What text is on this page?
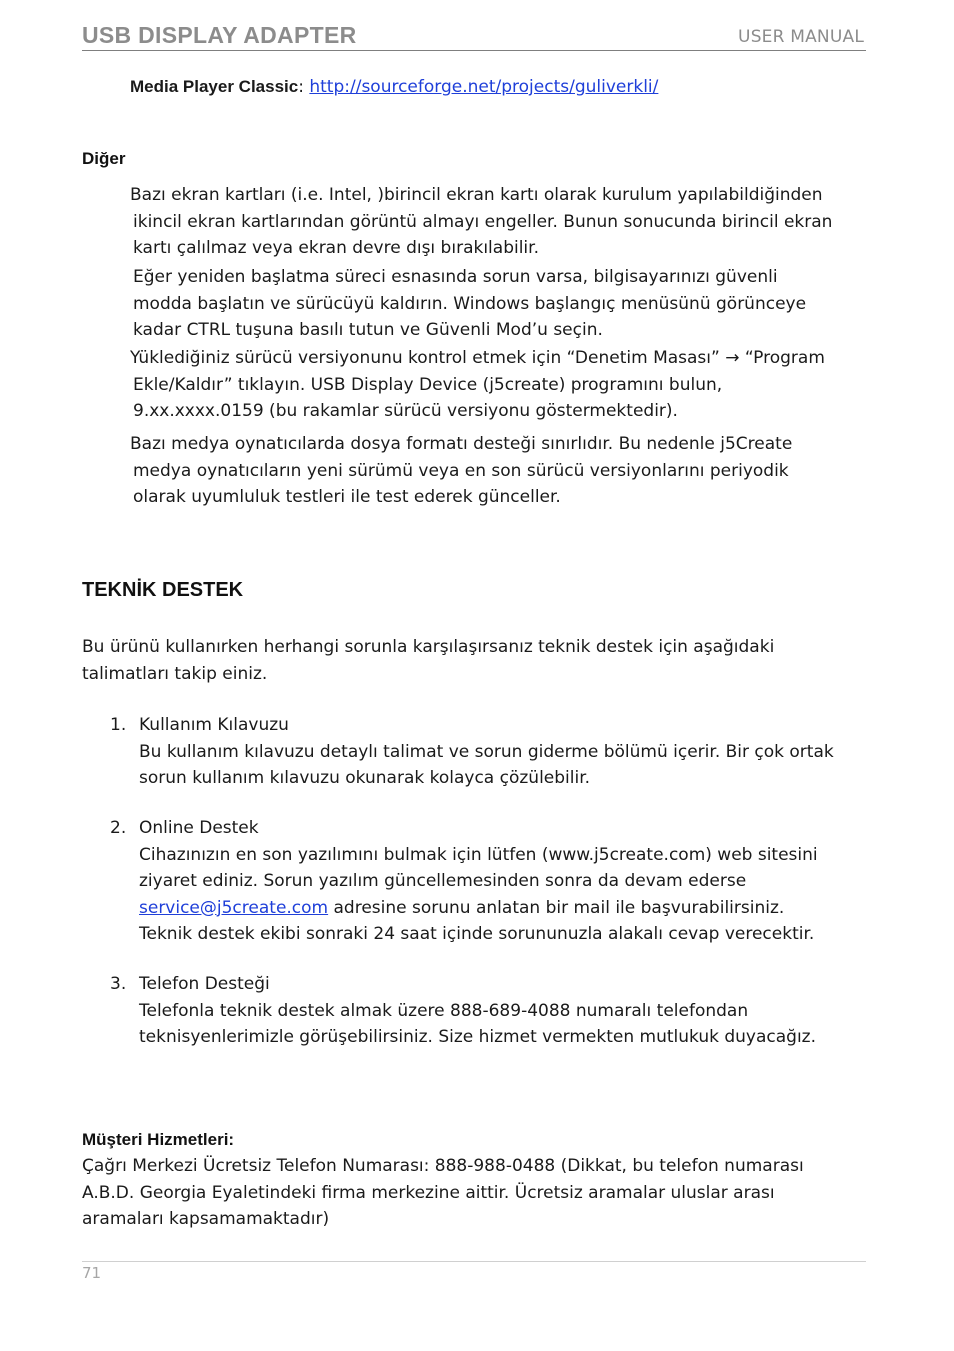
USB DISPLAY ADAPTER	USER MANUAL
Media Player Classic: http://sourceforge.net/projects/guliverkli/
Diğer
Bazı ekran kartları (i.e. Intel, )birincil ekran kartı olarak kurulum yapılabildiğinden
ikincil ekran kartlarından görüntü almayı engeller. Bunun sonucunda birincil ekran
kartı çalılmaz veya ekran devre dışı bırakılabilir.
Eğer yeniden başlatma süreci esnasında sorun varsa, bilgisayarınızı güvenli
modda başlatın ve sürücüyü kaldırın. Windows başlangıç menüsünü görünceye
kadar CTRL tuşuna basılı tutun ve Güvenli Mod’u seçin.
Yüklediğiniz sürücü versiyonunu kontrol etmek için “Denetim Masası” → “Program
Ekle/Kaldır” tıklayın. USB Display Device (j5create) programını bulun,
9.xx.xxxx.0159 (bu rakamlar sürücü versiyonu göstermektedir).
Bazı medya oynatıcılarda dosya formatı desteği sınırlıdır. Bu nedenle j5Create
medya oynatıcıların yeni sürümü veya en son sürücü versiyonlarını periyodik
olarak uyumluluk testleri ile test ederek günceller.
TEKNİK DESTEK
Bu ürünü kullanırken herhangi sorunla karşılaşırsanız teknik destek için aşağıdaki
talimatları takip einiz.
1. Kullanım Kılavuzu
Bu kullanım kılavuzu detaylı talimat ve sorun giderme bölümü içerir. Bir çok ortak
sorun kullanım kılavuzu okunarak kolayca çözülebilir.
2. Online Destek
Cihazınızın en son yazılımını bulmak için lütfen (www.j5create.com) web sitesini
ziyaret ediniz. Sorun yazılım güncellemesinden sonra da devam ederse
service@j5create.com adresine sorunu anlatan bir mail ile başvurabilirsiniz.
Teknik destek ekibi sonraki 24 saat içinde sorununuzla alakalı cevap verecektir.
3. Telefon Desteği
Telefonla teknik destek almak üzere 888-689-4088 numaralı telefondan
teknisyenlerimizle görüşebilirsiniz. Size hizmet vermekten mutlukuk duyacağız.
Müşteri Hizmetleri:
Çağrı Merkezi Ücretsiz Telefon Numarası: 888-988-0488 (Dikkat, bu telefon numarası
A.B.D. Georgia Eyaletindeki firma merkezine aittir. Ücretsiz aramalar uluslar arası
aramaları kapsamamaktadır)
71
